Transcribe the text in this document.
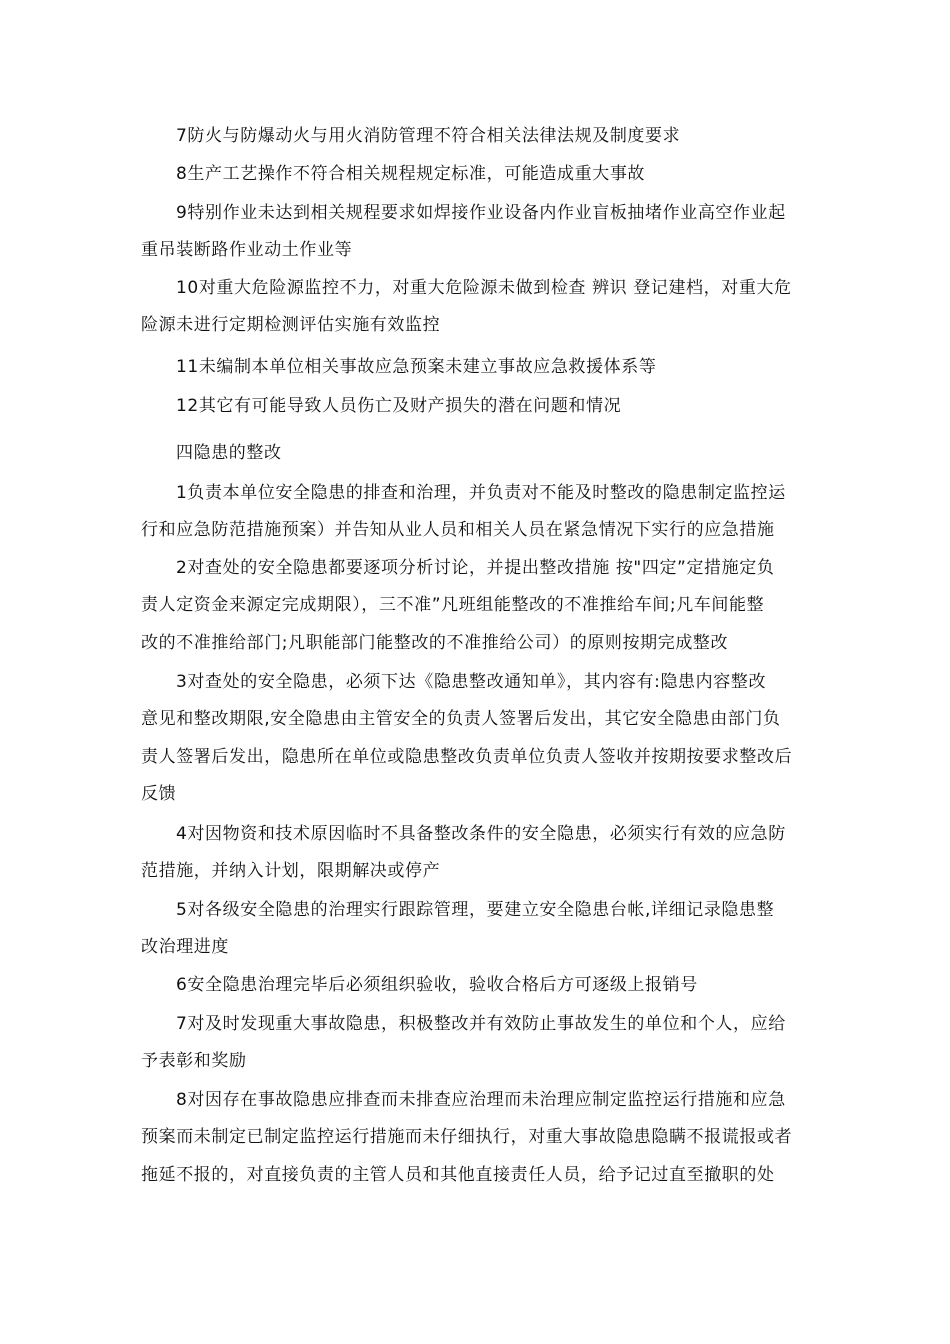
7防火与防爆动火与用火消防管理不符合相关法律法规及制度要求
8生产工艺操作不符合相关规程规定标准，可能造成重大事故
9特别作业未达到相关规程要求如焊接作业设备内作业盲板抽堵作业高空作业起
重吊装断路作业动土作业等
10对重大危险源监控不力，对重大危险源未做到检查 辨识 登记建档，对重大危
险源未进行定期检测评估实施有效监控
11未编制本单位相关事故应急预案未建立事故应急救援体系等
12其它有可能导致人员伤亡及财产损失的潜在问题和情况
四隐患的整改
1负责本单位安全隐患的排查和治理，并负责对不能及时整改的隐患制定监控运
行和应急防范措施预案）并告知从业人员和相关人员在紧急情况下实行的应急措施
2对查处的安全隐患都要逐项分析讨论，并提出整改措施 按"四定”定措施定负
责人定资金来源定完成期限），三不准”凡班组能整改的不准推给车间;凡车间能整
改的不准推给部门;凡职能部门能整改的不准推给公司）的原则按期完成整改
3对查处的安全隐患，必须下达《隐患整改通知单》，其内容有:隐患内容整改
意见和整改期限,安全隐患由主管安全的负责人签署后发出，其它安全隐患由部门负
责人签署后发出，隐患所在单位或隐患整改负责单位负责人签收并按期按要求整改后
反馈
4对因物资和技术原因临时不具备整改条件的安全隐患，必须实行有效的应急防
范措施，并纳入计划，限期解决或停产
5对各级安全隐患的治理实行跟踪管理，要建立安全隐患台帐,详细记录隐患整
改治理进度
6安全隐患治理完毕后必须组织验收，验收合格后方可逐级上报销号
7对及时发现重大事故隐患，积极整改并有效防止事故发生的单位和个人，应给
予表彰和奖励
8对因存在事故隐患应排查而未排查应治理而未治理应制定监控运行措施和应急
预案而未制定已制定监控运行措施而未仔细执行，对重大事故隐患隐瞒不报谎报或者
拖延不报的，对直接负责的主管人员和其他直接责任人员，给予记过直至撤职的处
